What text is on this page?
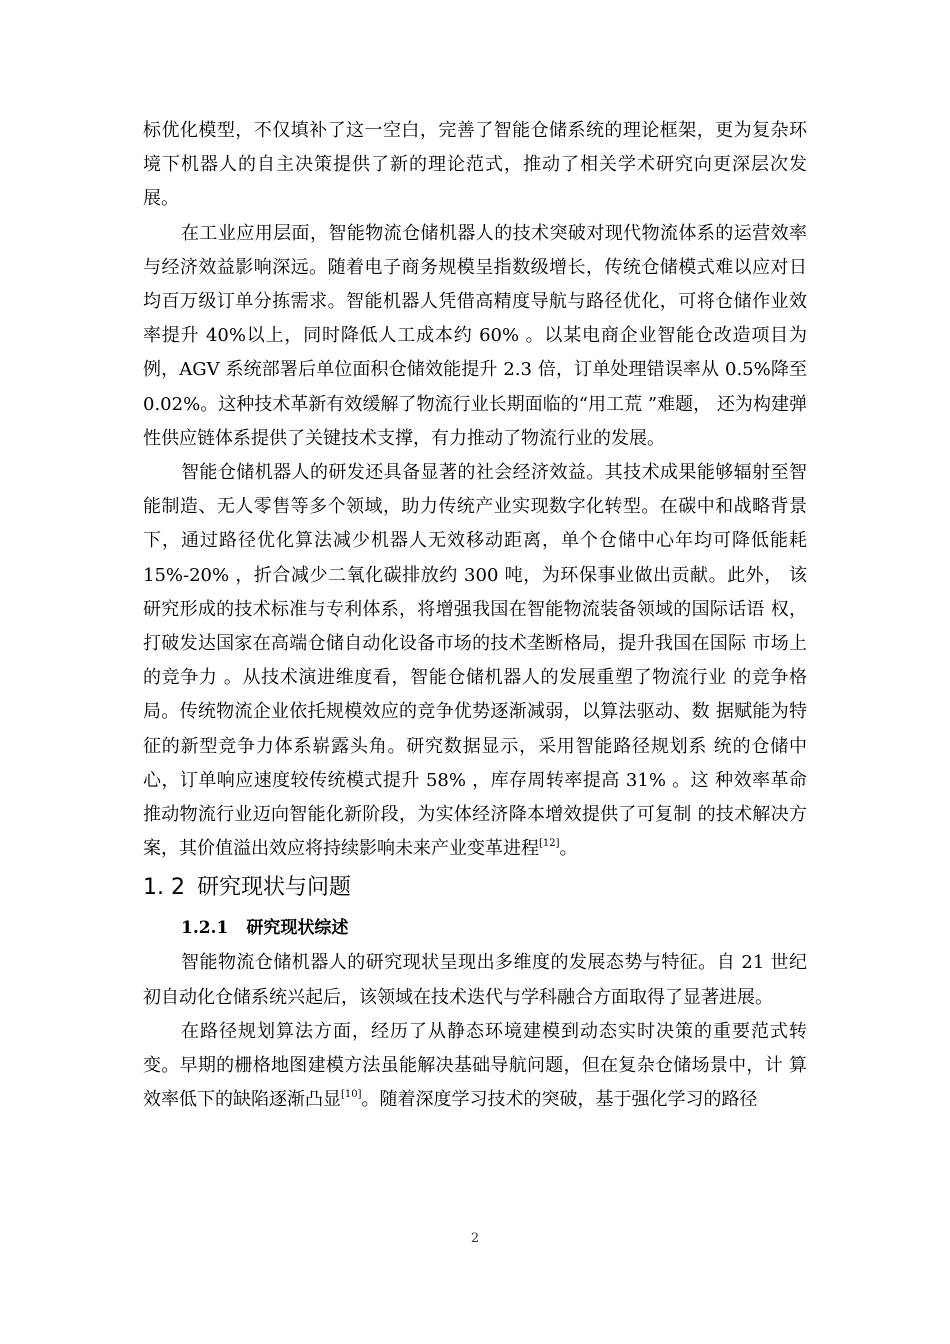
标优化模型，不仅填补了这一空白，完善了智能仓储系统的理论框架，更为复杂环境下机器人的自主决策提供了新的理论范式，推动了相关学术研究向更深层次发展。

在工业应用层面，智能物流仓储机器人的技术突破对现代物流体系的运营效率与经济效益影响深远。随着电子商务规模呈指数级增长，传统仓储模式难以应对日均百万级订单分拣需求。智能机器人凭借高精度导航与路径优化，可将仓储作业效率提升 40%以上，同时降低人工成本约 60% 。以某电商企业智能仓改造项目为例，AGV 系统部署后单位面积仓储效能提升 2.3 倍，订单处理错误率从 0.5%降至 0.02%。这种技术革新有效缓解了物流行业长期面临的“用工荒 ”难题， 还为构建弹性供应链体系提供了关键技术支撑，有力推动了物流行业的发展。

智能仓储机器人的研发还具备显著的社会经济效益。其技术成果能够辐射至智能制造、无人零售等多个领域，助力传统产业实现数字化转型。在碳中和战略背景下，通过路径优化算法减少机器人无效移动距离，单个仓储中心年均可降低能耗 15%-20% ，折合减少二氧化碳排放约 300 吨，为环保事业做出贡献。此外， 该研究形成的技术标准与专利体系，将增强我国在智能物流装备领域的国际话语 权，打破发达国家在高端仓储自动化设备市场的技术垄断格局，提升我国在国际 市场上的竞争力 。从技术演进维度看，智能仓储机器人的发展重塑了物流行业 的竞争格局。传统物流企业依托规模效应的竞争优势逐渐减弱，以算法驱动、数 据赋能为特征的新型竞争力体系崭露头角。研究数据显示，采用智能路径规划系 统的仓储中心，订单响应速度较传统模式提升 58% ，库存周转率提高 31% 。这 种效率革命推动物流行业迈向智能化新阶段，为实体经济降本增效提供了可复制 的技术解决方案，其价值溢出效应将持续影响未来产业变革进程[12]。

1. 2 研究现状与问题
1.2.1 研究现状综述

智能物流仓储机器人的研究现状呈现出多维度的发展态势与特征。自 21 世纪初自动化仓储系统兴起后，该领域在技术迭代与学科融合方面取得了显著进展。

在路径规划算法方面，经历了从静态环境建模到动态实时决策的重要范式转 变。早期的栅格地图建模方法虽能解决基础导航问题，但在复杂仓储场景中，计 算效率低下的缺陷逐渐凸显[10]。随着深度学习技术的突破，基于强化学习的路径

2
